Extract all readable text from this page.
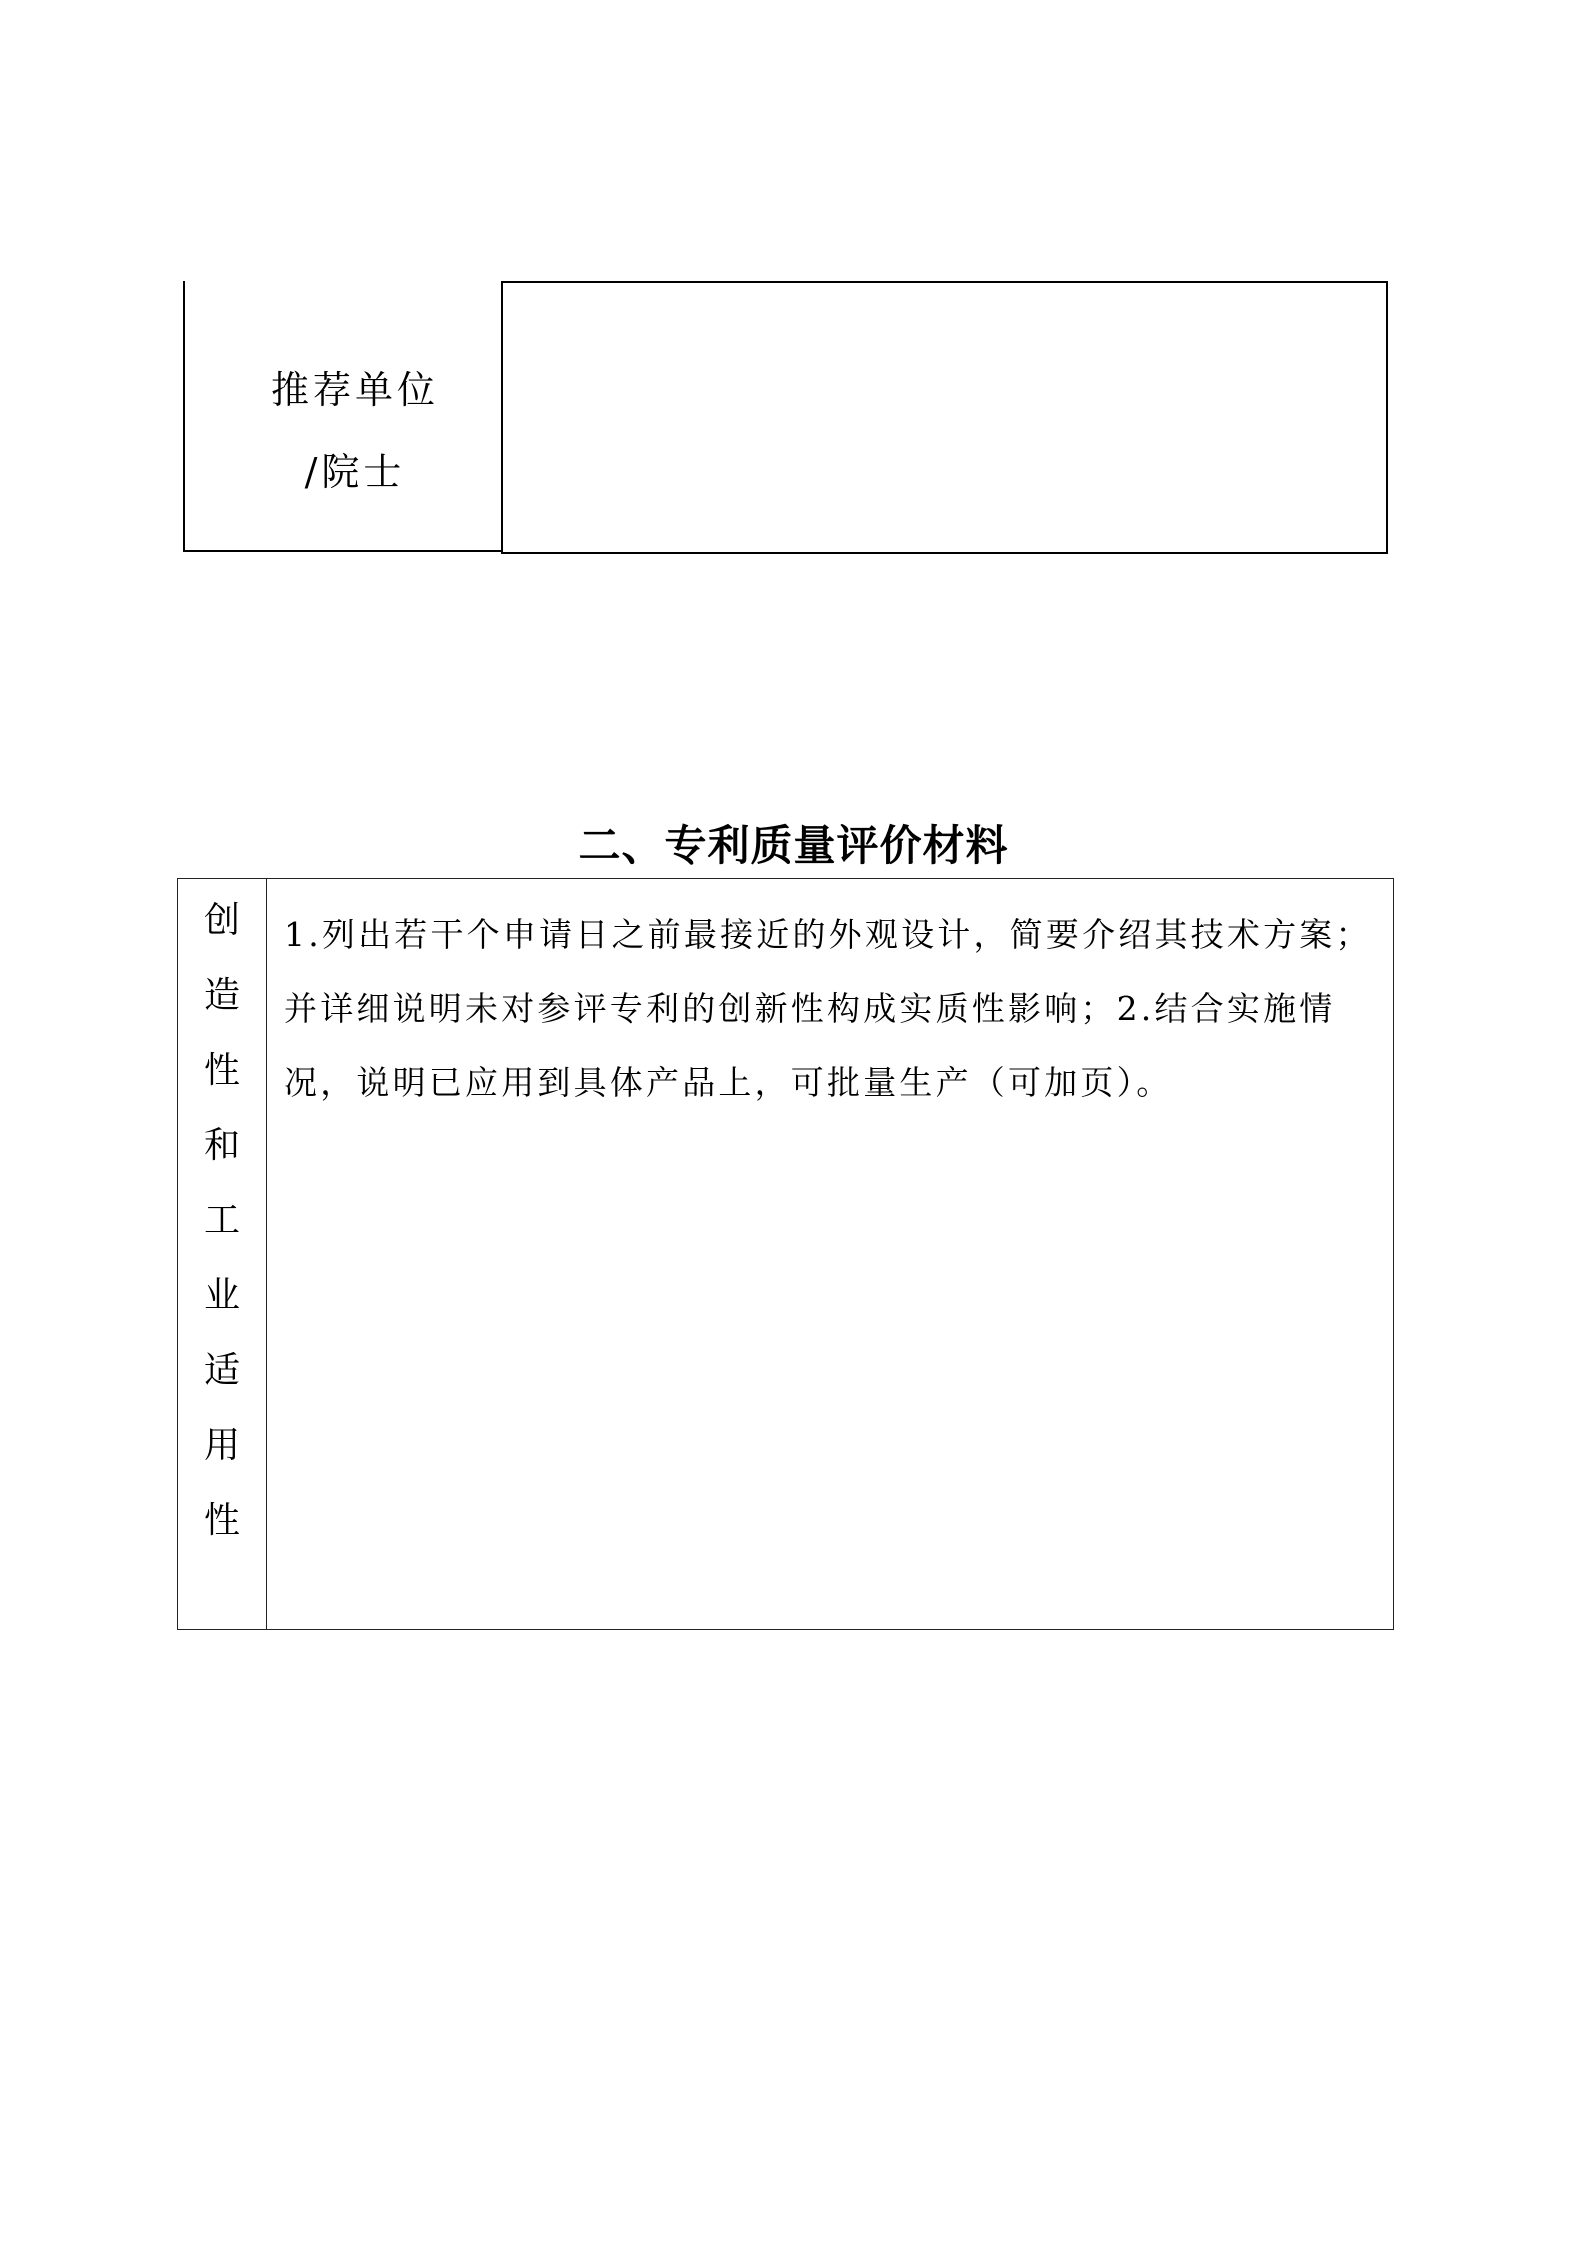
推荐单位
/院士
二、专利质量评价材料
创
造
性
和
工
业
适
用
性
1.列出若干个申请日之前最接近的外观设计，简要介绍其技术方案；
并详细说明未对参评专利的创新性构成实质性影响；2.结合实施情
况，说明已应用到具体产品上，可批量生产（可加页）。
